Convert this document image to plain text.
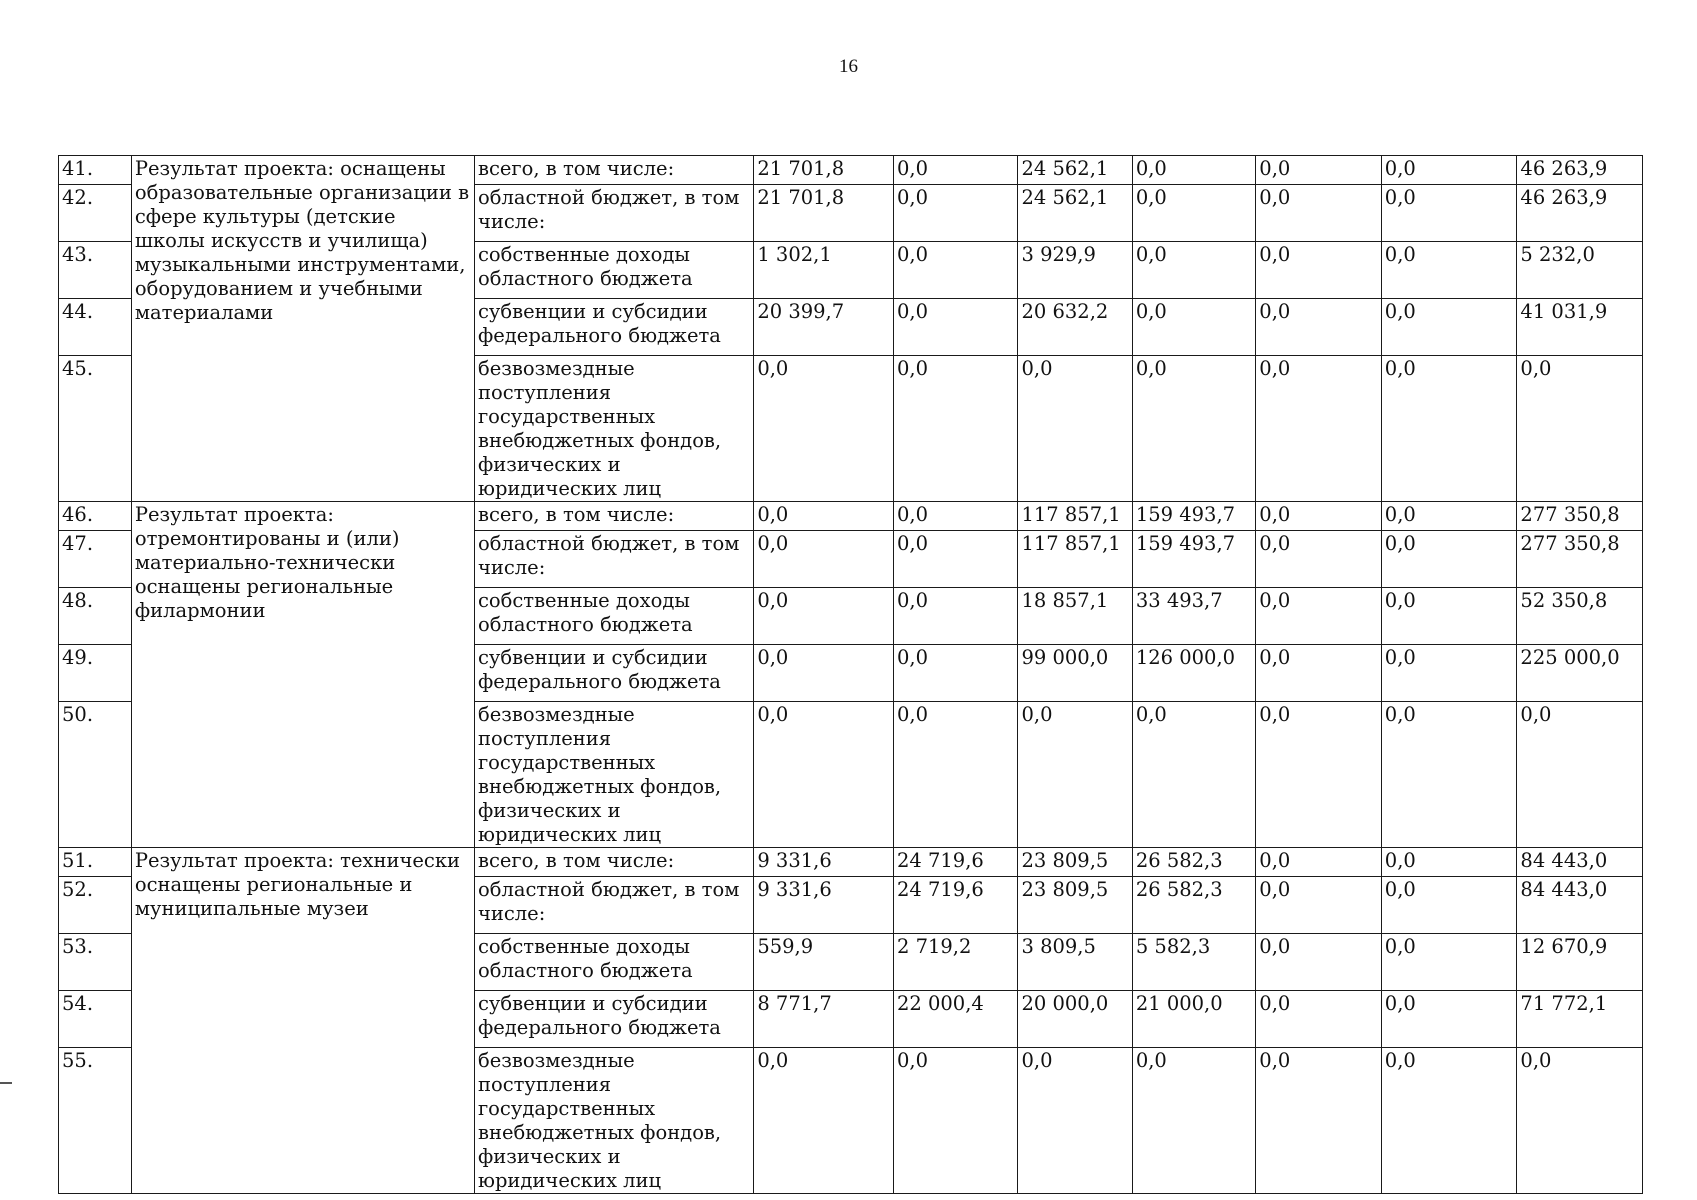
16
41.	Результат проекта: оснащены образовательные организации в сфере культуры (детские школы искусств и училища) музыкальными инструментами, оборудованием и учебными материалами	всего, в том числе:	21 701,8	0,0	24 562,1	0,0	0,0	0,0	46 263,9
42.		областной бюджет, в том числе:	21 701,8	0,0	24 562,1	0,0	0,0	0,0	46 263,9
43.		собственные доходы областного бюджета	1 302,1	0,0	3 929,9	0,0	0,0	0,0	5 232,0
44.		субвенции и субсидии федерального бюджета	20 399,7	0,0	20 632,2	0,0	0,0	0,0	41 031,9
45.		безвозмездные поступления государственных внебюджетных фондов, физических и юридических лиц	0,0	0,0	0,0	0,0	0,0	0,0	0,0
46.	Результат проекта: отремонтированы и (или) материально-технически оснащены региональные филармонии	всего, в том числе:	0,0	0,0	117 857,1	159 493,7	0,0	0,0	277 350,8
47.		областной бюджет, в том числе:	0,0	0,0	117 857,1	159 493,7	0,0	0,0	277 350,8
48.		собственные доходы областного бюджета	0,0	0,0	18 857,1	33 493,7	0,0	0,0	52 350,8
49.		субвенции и субсидии федерального бюджета	0,0	0,0	99 000,0	126 000,0	0,0	0,0	225 000,0
50.		безвозмездные поступления государственных внебюджетных фондов, физических и юридических лиц	0,0	0,0	0,0	0,0	0,0	0,0	0,0
51.	Результат проекта: технически оснащены региональные и муниципальные музеи	всего, в том числе:	9 331,6	24 719,6	23 809,5	26 582,3	0,0	0,0	84 443,0
52.		областной бюджет, в том числе:	9 331,6	24 719,6	23 809,5	26 582,3	0,0	0,0	84 443,0
53.		собственные доходы областного бюджета	559,9	2 719,2	3 809,5	5 582,3	0,0	0,0	12 670,9
54.		субвенции и субсидии федерального бюджета	8 771,7	22 000,4	20 000,0	21 000,0	0,0	0,0	71 772,1
55.		безвозмездные поступления государственных внебюджетных фондов, физических и юридических лиц	0,0	0,0	0,0	0,0	0,0	0,0	0,0
